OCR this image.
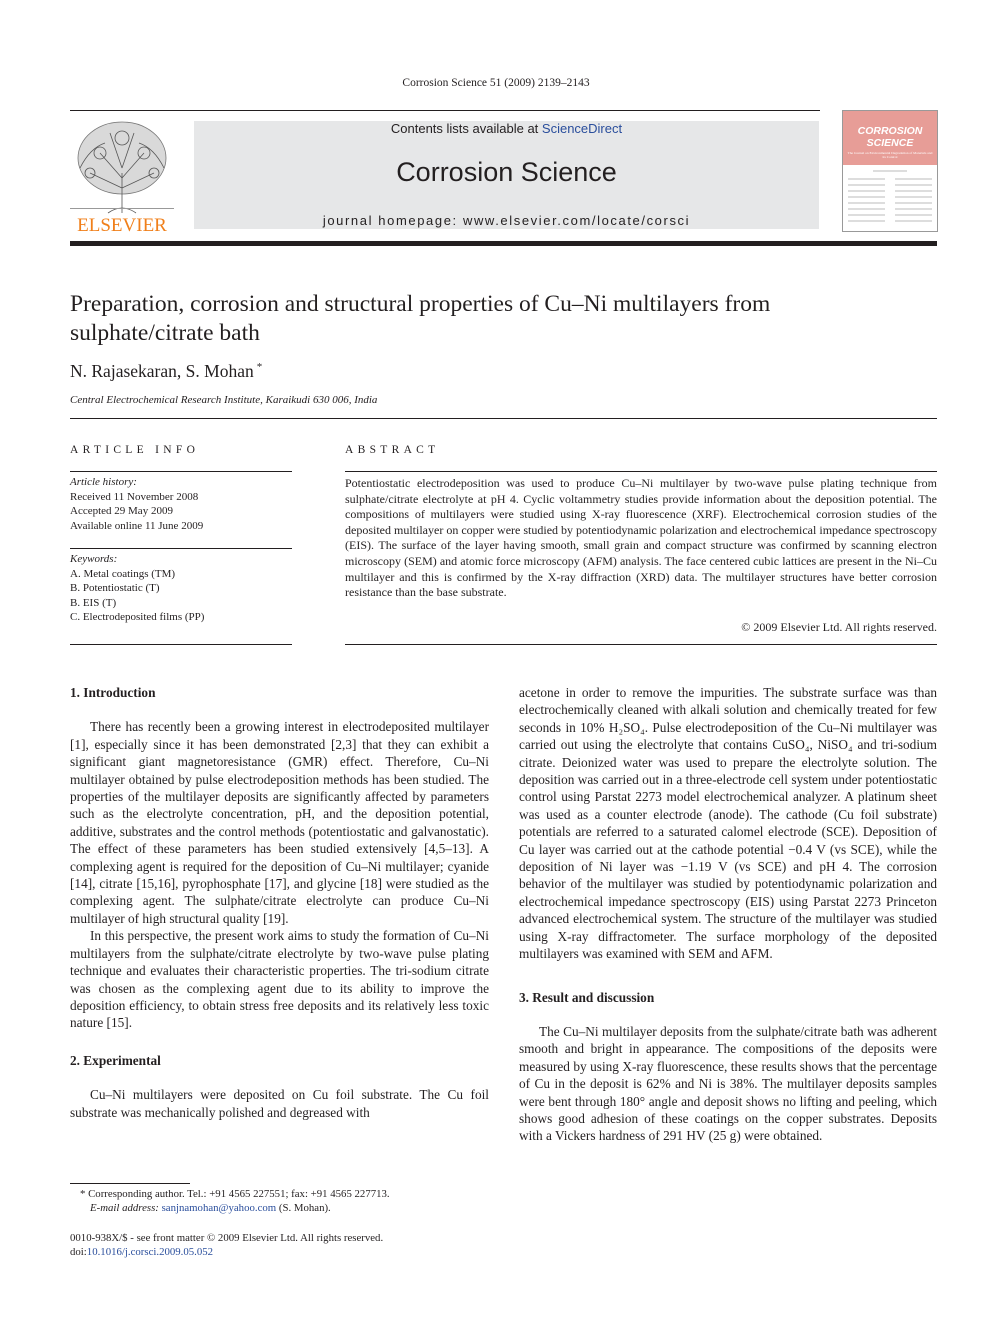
Corrosion Science 51 (2009) 2139–2143
ELSEVIER
Contents lists available at ScienceDirect
Corrosion Science
journal homepage: www.elsevier.com/locate/corsci
CORROSION SCIENCE
The Journal on Environmental Degradation of Materials and its Control
Preparation, corrosion and structural properties of Cu–Ni multilayers from sulphate/citrate bath
N. Rajasekaran, S. Mohan *
Central Electrochemical Research Institute, Karaikudi 630 006, India
ARTICLE INFO	ABSTRACT
Article history:
Received 11 November 2008
Accepted 29 May 2009
Available online 11 June 2009
Keywords:
A. Metal coatings (TM)
B. Potentiostatic (T)
B. EIS (T)
C. Electrodeposited films (PP)
Potentiostatic electrodeposition was used to produce Cu–Ni multilayer by two-wave pulse plating technique from sulphate/citrate electrolyte at pH 4. Cyclic voltammetry studies provide information about the deposition potential. The compositions of multilayers were studied using X-ray fluorescence (XRF). Electrochemical corrosion studies of the deposited multilayer on copper were studied by potentiodynamic polarization and electrochemical impedance spectroscopy (EIS). The surface of the layer having smooth, small grain and compact structure was confirmed by scanning electron microscopy (SEM) and atomic force microscopy (AFM) analysis. The face centered cubic lattices are present in the Ni–Cu multilayer and this is confirmed by the X-ray diffraction (XRD) data. The multilayer structures have better corrosion resistance than the base substrate.
© 2009 Elsevier Ltd. All rights reserved.
1. Introduction

There has recently been a growing interest in electrodeposited multilayer [1], especially since it has been demonstrated [2,3] that they can exhibit a significant giant magnetoresistance (GMR) effect. Therefore, Cu–Ni multilayer obtained by pulse electrodeposition methods has been studied. The properties of the multilayer deposits are significantly affected by parameters such as the electrolyte concentration, pH, and the deposition potential, additive, substrates and the control methods (potentiostatic and galvanostatic). The effect of these parameters has been studied extensively [4,5–13]. A complexing agent is required for the deposition of Cu–Ni multilayer; cyanide [14], citrate [15,16], pyrophosphate [17], and glycine [18] were studied as the complexing agent. The sulphate/citrate electrolyte can produce Cu–Ni multilayer of high structural quality [19].

In this perspective, the present work aims to study the formation of Cu–Ni multilayers from the sulphate/citrate electrolyte by two-wave pulse plating technique and evaluates their characteristic properties. The tri-sodium citrate was chosen as the complexing agent due to its ability to improve the deposition efficiency, to obtain stress free deposits and its relatively less toxic nature [15].

2. Experimental

Cu–Ni multilayers were deposited on Cu foil substrate. The Cu foil substrate was mechanically polished and degreased with

acetone in order to remove the impurities. The substrate surface was than electrochemically cleaned with alkali solution and chemically treated for few seconds in 10% H₂SO₄. Pulse electrodeposition of the Cu–Ni multilayer was carried out using the electrolyte that contains CuSO₄, NiSO₄ and tri-sodium citrate. Deionized water was used to prepare the electrolyte solution. The deposition was carried out in a three-electrode cell system under potentiostatic control using Parstat 2273 model electrochemical analyzer. A platinum sheet was used as a counter electrode (anode). The cathode (Cu foil substrate) potentials are referred to a saturated calomel electrode (SCE). Deposition of Cu layer was carried out at the cathode potential −0.4 V (vs SCE), while the deposition of Ni layer was −1.19 V (vs SCE) and pH 4. The corrosion behavior of the multilayer was studied by potentiodynamic polarization and electrochemical impedance spectroscopy (EIS) using Parstat 2273 Princeton advanced electrochemical system. The structure of the multilayer was studied using X-ray diffractometer. The surface morphology of the deposited multilayers was examined with SEM and AFM.

3. Result and discussion

The Cu–Ni multilayer deposits from the sulphate/citrate bath was adherent smooth and bright in appearance. The compositions of the deposits were measured by using X-ray fluorescence, these results shows that the percentage of Cu in the deposit is 62% and Ni is 38%. The multilayer deposits samples were bent through 180° angle and deposit shows no lifting and peeling, which shows good adhesion of these coatings on the copper substrates. Deposits with a Vickers hardness of 291 HV (25 g) were obtained.

* Corresponding author. Tel.: +91 4565 227551; fax: +91 4565 227713.
E-mail address: sanjnamohan@yahoo.com (S. Mohan).
0010-938X/$ - see front matter © 2009 Elsevier Ltd. All rights reserved.
doi:10.1016/j.corsci.2009.05.052
